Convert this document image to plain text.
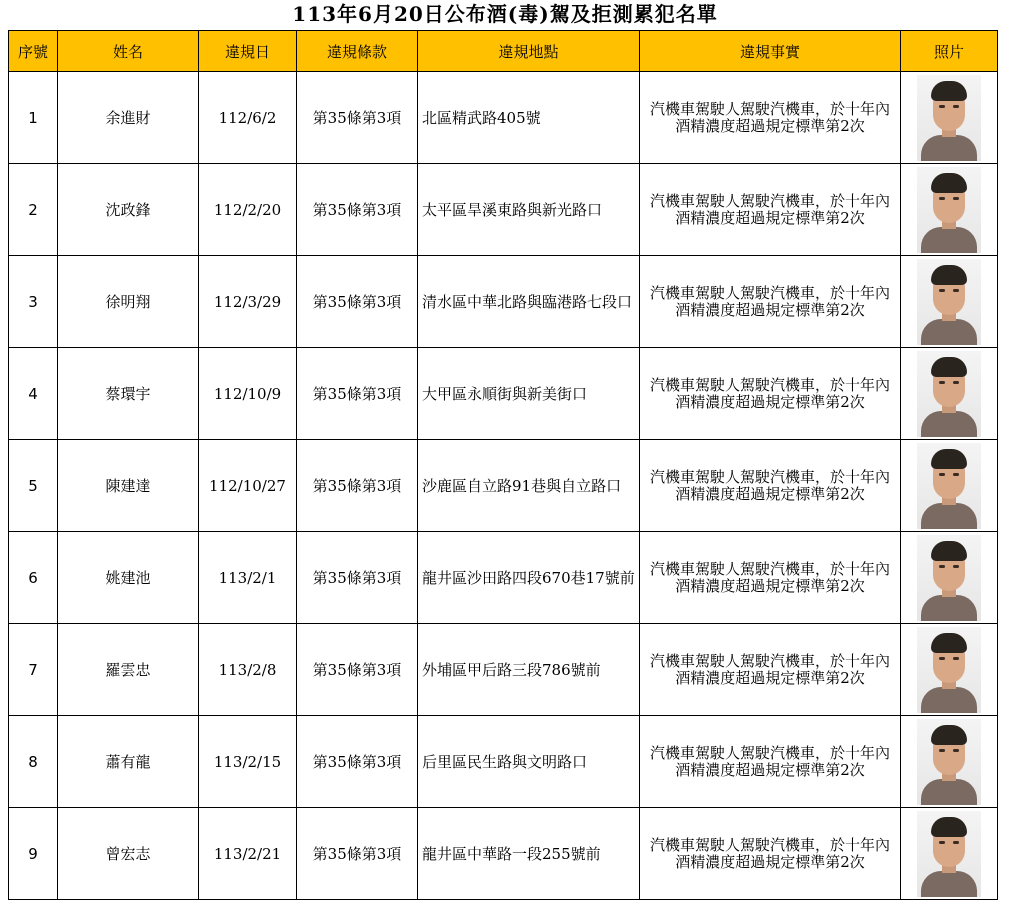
113年6月20日公布酒(毒)駕及拒測累犯名單
序號	姓名	違規日	違規條款	違規地點	違規事實	照片
1	余進財	112/6/2	第35條第3項	北區精武路405號	汽機車駕駛人駕駛汽機車，於十年內
酒精濃度超過規定標準第2次	

2	沈政鋒	112/2/20	第35條第3項	太平區旱溪東路與新光路口	汽機車駕駛人駕駛汽機車，於十年內
酒精濃度超過規定標準第2次	

3	徐明翔	112/3/29	第35條第3項	清水區中華北路與臨港路七段口	汽機車駕駛人駕駛汽機車，於十年內
酒精濃度超過規定標準第2次	

4	蔡環宇	112/10/9	第35條第3項	大甲區永順街與新美街口	汽機車駕駛人駕駛汽機車，於十年內
酒精濃度超過規定標準第2次	

5	陳建達	112/10/27	第35條第3項	沙鹿區自立路91巷與自立路口	汽機車駕駛人駕駛汽機車，於十年內
酒精濃度超過規定標準第2次	

6	姚建池	113/2/1	第35條第3項	龍井區沙田路四段670巷17號前	汽機車駕駛人駕駛汽機車，於十年內
酒精濃度超過規定標準第2次	

7	羅雲忠	113/2/8	第35條第3項	外埔區甲后路三段786號前	汽機車駕駛人駕駛汽機車，於十年內
酒精濃度超過規定標準第2次	

8	蕭有龍	113/2/15	第35條第3項	后里區民生路與文明路口	汽機車駕駛人駕駛汽機車，於十年內
酒精濃度超過規定標準第2次	

9	曾宏志	113/2/21	第35條第3項	龍井區中華路一段255號前	汽機車駕駛人駕駛汽機車，於十年內
酒精濃度超過規定標準第2次	
